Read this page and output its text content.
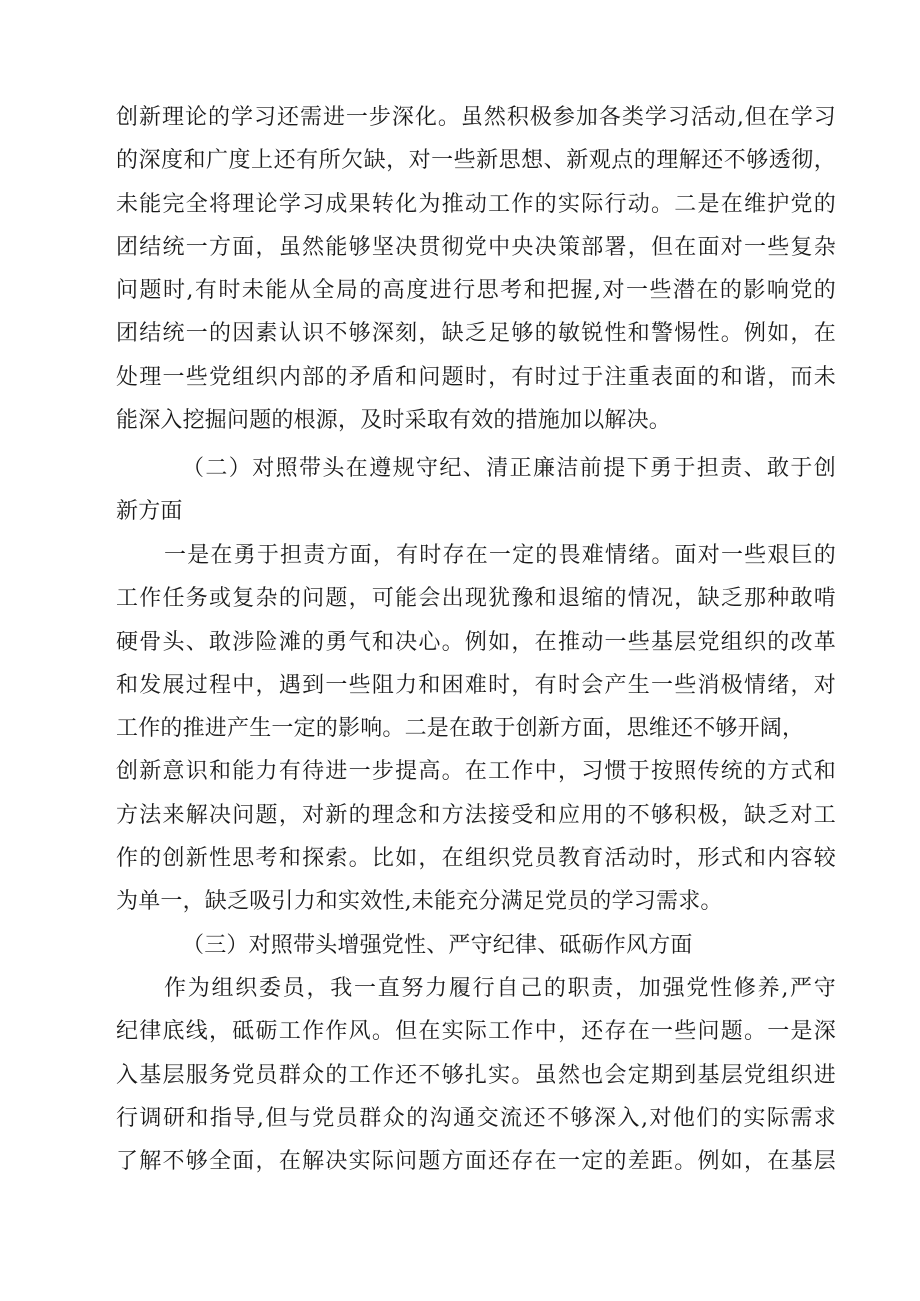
创新理论的学习还需进一步深化。虽然积极参加各类学习活动,但在学习
的深度和广度上还有所欠缺，对一些新思想、新观点的理解还不够透彻，
未能完全将理论学习成果转化为推动工作的实际行动。二是在维护党的
团结统一方面，虽然能够坚决贯彻党中央决策部署，但在面对一些复杂
问题时,有时未能从全局的高度进行思考和把握,对一些潜在的影响党的
团结统一的因素认识不够深刻，缺乏足够的敏锐性和警惕性。例如，在
处理一些党组织内部的矛盾和问题时，有时过于注重表面的和谐，而未
能深入挖掘问题的根源，及时采取有效的措施加以解决。
（二）对照带头在遵规守纪、清正廉洁前提下勇于担责、敢于创
新方面
一是在勇于担责方面，有时存在一定的畏难情绪。面对一些艰巨的
工作任务或复杂的问题，可能会出现犹豫和退缩的情况，缺乏那种敢啃
硬骨头、敢涉险滩的勇气和决心。例如，在推动一些基层党组织的改革
和发展过程中，遇到一些阻力和困难时，有时会产生一些消极情绪，对
工作的推进产生一定的影响。二是在敢于创新方面，思维还不够开阔，
创新意识和能力有待进一步提高。在工作中，习惯于按照传统的方式和
方法来解决问题，对新的理念和方法接受和应用的不够积极，缺乏对工
作的创新性思考和探索。比如，在组织党员教育活动时，形式和内容较
为单一，缺乏吸引力和实效性,未能充分满足党员的学习需求。
（三）对照带头增强党性、严守纪律、砥砺作风方面
作为组织委员，我一直努力履行自己的职责，加强党性修养,严守
纪律底线，砥砺工作作风。但在实际工作中，还存在一些问题。一是深
入基层服务党员群众的工作还不够扎实。虽然也会定期到基层党组织进
行调研和指导,但与党员群众的沟通交流还不够深入,对他们的实际需求
了解不够全面，在解决实际问题方面还存在一定的差距。例如，在基层
